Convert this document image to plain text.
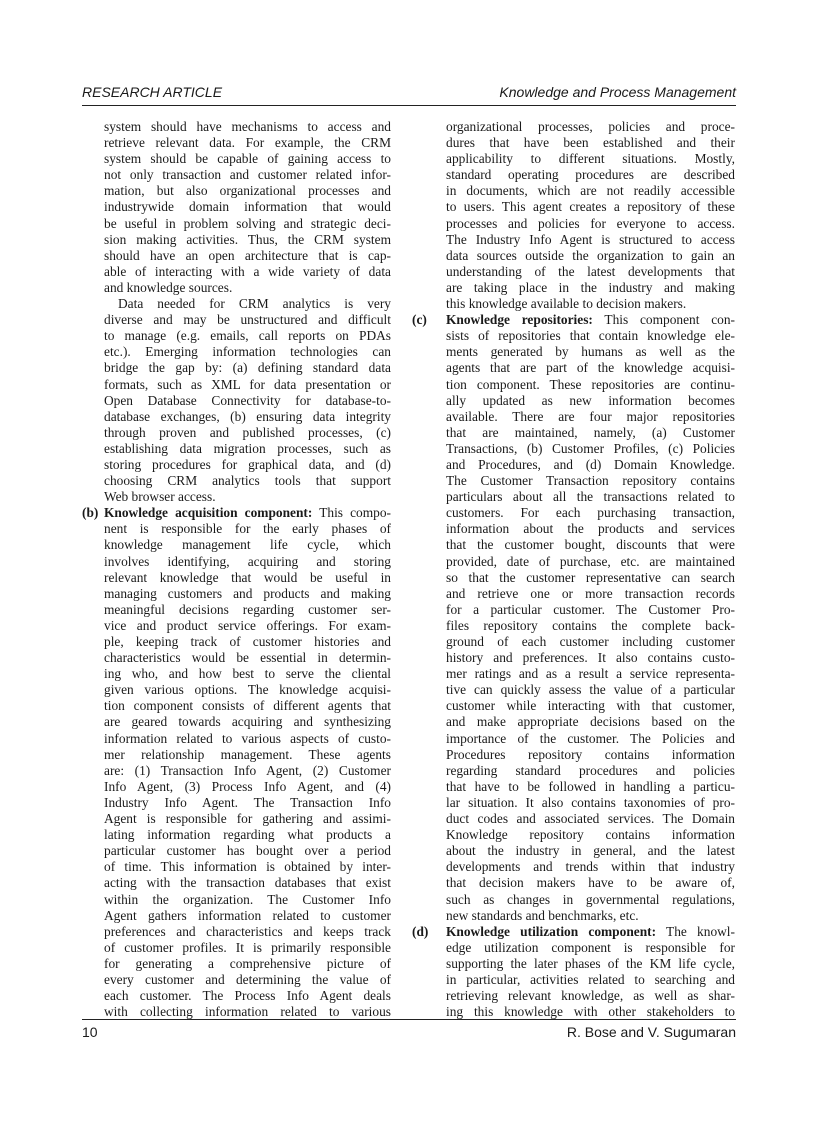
RESEARCH ARTICLE	Knowledge and Process Management
system should have mechanisms to access and
retrieve relevant data. For example, the CRM
system should be capable of gaining access to
not only transaction and customer related infor-
mation, but also organizational processes and
industrywide domain information that would
be useful in problem solving and strategic deci-
sion making activities. Thus, the CRM system
should have an open architecture that is cap-
able of interacting with a wide variety of data
and knowledge sources.
Data needed for CRM analytics is very
diverse and may be unstructured and difficult
to manage (e.g. emails, call reports on PDAs
etc.). Emerging information technologies can
bridge the gap by: (a) defining standard data
formats, such as XML for data presentation or
Open Database Connectivity for database-to-
database exchanges, (b) ensuring data integrity
through proven and published processes, (c)
establishing data migration processes, such as
storing procedures for graphical data, and (d)
choosing CRM analytics tools that support
Web browser access.
(b) Knowledge acquisition component: This compo-
nent is responsible for the early phases of
knowledge management life cycle, which
involves identifying, acquiring and storing
relevant knowledge that would be useful in
managing customers and products and making
meaningful decisions regarding customer ser-
vice and product service offerings. For exam-
ple, keeping track of customer histories and
characteristics would be essential in determin-
ing who, and how best to serve the cliental
given various options. The knowledge acquisi-
tion component consists of different agents that
are geared towards acquiring and synthesizing
information related to various aspects of custo-
mer relationship management. These agents
are: (1) Transaction Info Agent, (2) Customer
Info Agent, (3) Process Info Agent, and (4)
Industry Info Agent. The Transaction Info
Agent is responsible for gathering and assimi-
lating information regarding what products a
particular customer has bought over a period
of time. This information is obtained by inter-
acting with the transaction databases that exist
within the organization. The Customer Info
Agent gathers information related to customer
preferences and characteristics and keeps track
of customer profiles. It is primarily responsible
for generating a comprehensive picture of
every customer and determining the value of
each customer. The Process Info Agent deals
with collecting information related to various
organizational processes, policies and proce-
dures that have been established and their
applicability to different situations. Mostly,
standard operating procedures are described
in documents, which are not readily accessible
to users. This agent creates a repository of these
processes and policies for everyone to access.
The Industry Info Agent is structured to access
data sources outside the organization to gain an
understanding of the latest developments that
are taking place in the industry and making
this knowledge available to decision makers.
(c) Knowledge repositories: This component con-
sists of repositories that contain knowledge ele-
ments generated by humans as well as the
agents that are part of the knowledge acquisi-
tion component. These repositories are continu-
ally updated as new information becomes
available. There are four major repositories
that are maintained, namely, (a) Customer
Transactions, (b) Customer Profiles, (c) Policies
and Procedures, and (d) Domain Knowledge.
The Customer Transaction repository contains
particulars about all the transactions related to
customers. For each purchasing transaction,
information about the products and services
that the customer bought, discounts that were
provided, date of purchase, etc. are maintained
so that the customer representative can search
and retrieve one or more transaction records
for a particular customer. The Customer Pro-
files repository contains the complete back-
ground of each customer including customer
history and preferences. It also contains custo-
mer ratings and as a result a service representa-
tive can quickly assess the value of a particular
customer while interacting with that customer,
and make appropriate decisions based on the
importance of the customer. The Policies and
Procedures repository contains information
regarding standard procedures and policies
that have to be followed in handling a particu-
lar situation. It also contains taxonomies of pro-
duct codes and associated services. The Domain
Knowledge repository contains information
about the industry in general, and the latest
developments and trends within that industry
that decision makers have to be aware of,
such as changes in governmental regulations,
new standards and benchmarks, etc.
(d) Knowledge utilization component: The knowl-
edge utilization component is responsible for
supporting the later phases of the KM life cycle,
in particular, activities related to searching and
retrieving relevant knowledge, as well as shar-
ing this knowledge with other stakeholders to
10	R. Bose and V. Sugumaran
